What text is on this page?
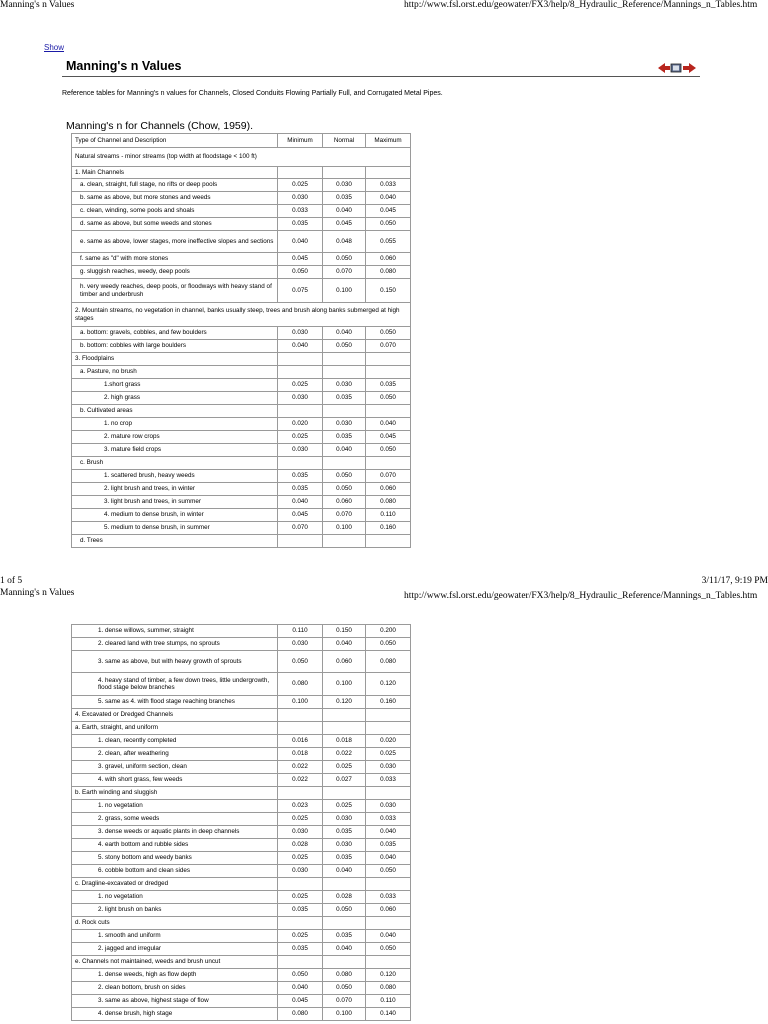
Manning's n Values	http://www.fsl.orst.edu/geowater/FX3/help/8_Hydraulic_Reference/Mannings_n_Tables.htm
Show
Manning's n Values
Reference tables for Manning's n values for Channels, Closed Conduits Flowing Partially Full, and Corrugated Metal Pipes.
Manning's n for Channels (Chow, 1959).
Type of Channel and Description	Minimum	Normal	Maximum
Natural streams - minor streams (top width at floodstage < 100 ft)			
1. Main Channels			
a. clean, straight, full stage, no rifts or deep pools	0.025	0.030	0.033
b. same as above, but more stones and weeds	0.030	0.035	0.040
c. clean, winding, some pools and shoals	0.033	0.040	0.045
d. same as above, but some weeds and stones	0.035	0.045	0.050
e. same as above, lower stages, more ineffective slopes and sections	0.040	0.048	0.055
f. same as "d" with more stones	0.045	0.050	0.060
g. sluggish reaches, weedy, deep pools	0.050	0.070	0.080
h. very weedy reaches, deep pools, or floodways with heavy stand of timber and underbrush	0.075	0.100	0.150
2. Mountain streams, no vegetation in channel, banks usually steep, trees and brush along banks submerged at high stages			
a. bottom: gravels, cobbles, and few boulders	0.030	0.040	0.050
b. bottom: cobbles with large boulders	0.040	0.050	0.070
3. Floodplains			
a. Pasture, no brush			
1.short grass	0.025	0.030	0.035
2. high grass	0.030	0.035	0.050
b. Cultivated areas			
1. no crop	0.020	0.030	0.040
2. mature row crops	0.025	0.035	0.045
3. mature field crops	0.030	0.040	0.050
c. Brush			
1. scattered brush, heavy weeds	0.035	0.050	0.070
2. light brush and trees, in winter	0.035	0.050	0.060
3. light brush and trees, in summer	0.040	0.060	0.080
4. medium to dense brush, in winter	0.045	0.070	0.110
5. medium to dense brush, in summer	0.070	0.100	0.160
d. Trees			
1 of 5	3/11/17, 9:19 PM
Manning's n Values	http://www.fsl.orst.edu/geowater/FX3/help/8_Hydraulic_Reference/Mannings_n_Tables.htm
1. dense willows, summer, straight	0.110	0.150	0.200
2. cleared land with tree stumps, no sprouts	0.030	0.040	0.050
3. same as above, but with heavy growth of sprouts	0.050	0.060	0.080
4. heavy stand of timber, a few down trees, little undergrowth, flood stage below branches	0.080	0.100	0.120
5. same as 4. with flood stage reaching branches	0.100	0.120	0.160
4. Excavated or Dredged Channels			
a. Earth, straight, and uniform			
1. clean, recently completed	0.016	0.018	0.020
2. clean, after weathering	0.018	0.022	0.025
3. gravel, uniform section, clean	0.022	0.025	0.030
4. with short grass, few weeds	0.022	0.027	0.033
b. Earth winding and sluggish			
1. no vegetation	0.023	0.025	0.030
2. grass, some weeds	0.025	0.030	0.033
3. dense weeds or aquatic plants in deep channels	0.030	0.035	0.040
4. earth bottom and rubble sides	0.028	0.030	0.035
5. stony bottom and weedy banks	0.025	0.035	0.040
6. cobble bottom and clean sides	0.030	0.040	0.050
c. Dragline-excavated or dredged			
1. no vegetation	0.025	0.028	0.033
2. light brush on banks	0.035	0.050	0.060
d. Rock cuts			
1. smooth and uniform	0.025	0.035	0.040
2. jagged and irregular	0.035	0.040	0.050
e. Channels not maintained, weeds and brush uncut			
1. dense weeds, high as flow depth	0.050	0.080	0.120
2. clean bottom, brush on sides	0.040	0.050	0.080
3. same as above, highest stage of flow	0.045	0.070	0.110
4. dense brush, high stage	0.080	0.100	0.140
